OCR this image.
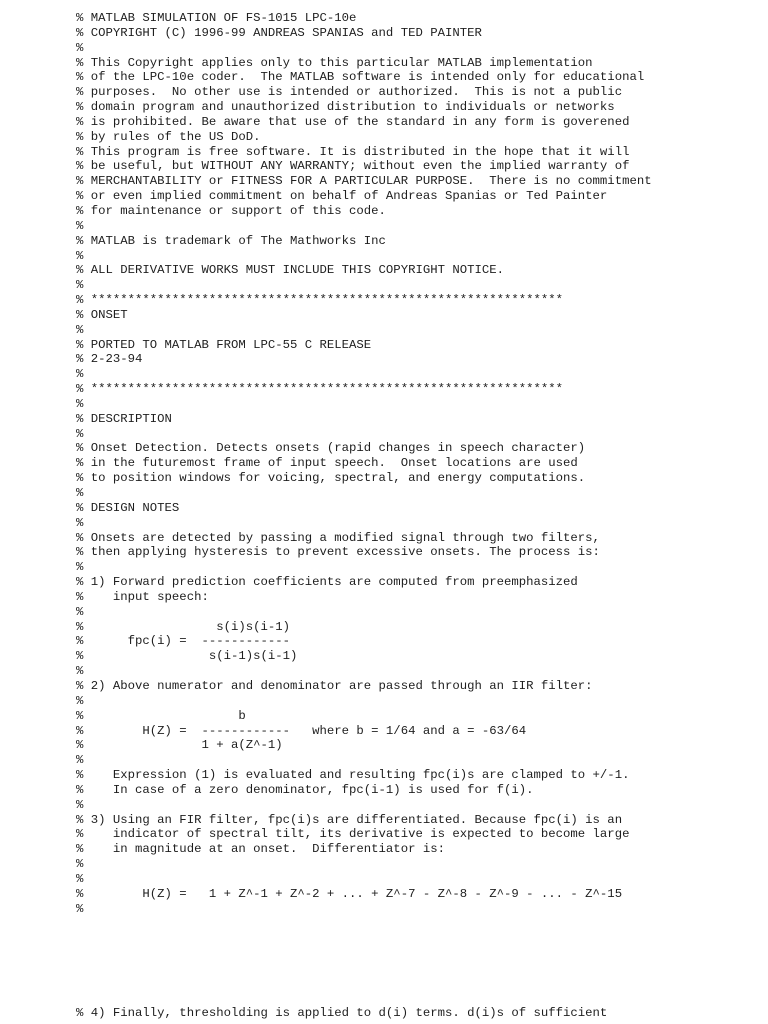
% MATLAB SIMULATION OF FS-1015 LPC-10e
% COPYRIGHT (C) 1996-99 ANDREAS SPANIAS and TED PAINTER
%
% This Copyright applies only to this particular MATLAB implementation
% of the LPC-10e coder.  The MATLAB software is intended only for educational
% purposes.  No other use is intended or authorized.  This is not a public
% domain program and unauthorized distribution to individuals or networks
% is prohibited. Be aware that use of the standard in any form is goverened
% by rules of the US DoD.
% This program is free software. It is distributed in the hope that it will
% be useful, but WITHOUT ANY WARRANTY; without even the implied warranty of
% MERCHANTABILITY or FITNESS FOR A PARTICULAR PURPOSE.  There is no commitment
% or even implied commitment on behalf of Andreas Spanias or Ted Painter
% for maintenance or support of this code.
%
% MATLAB is trademark of The Mathworks Inc
%
% ALL DERIVATIVE WORKS MUST INCLUDE THIS COPYRIGHT NOTICE.
%
% ****************************************************************
% ONSET
%
% PORTED TO MATLAB FROM LPC-55 C RELEASE
% 2-23-94
%
% ****************************************************************
%
% DESCRIPTION
%
% Onset Detection. Detects onsets (rapid changes in speech character)
% in the futuremost frame of input speech.  Onset locations are used
% to position windows for voicing, spectral, and energy computations.
%
% DESIGN NOTES
%
% Onsets are detected by passing a modified signal through two filters,
% then applying hysteresis to prevent excessive onsets. The process is:
%
% 1) Forward prediction coefficients are computed from preemphasized
%    input speech:
%
%                  s(i)s(i-1)
%      fpc(i) =  ------------
%                 s(i-1)s(i-1)
%
% 2) Above numerator and denominator are passed through an IIR filter:
%
%                     b
%        H(Z) =  ------------   where b = 1/64 and a = -63/64
%                1 + a(Z^-1)
%
%    Expression (1) is evaluated and resulting fpc(i)s are clamped to +/-1.
%    In case of a zero denominator, fpc(i-1) is used for f(i).
%
% 3) Using an FIR filter, fpc(i)s are differentiated. Because fpc(i) is an
%    indicator of spectral tilt, its derivative is expected to become large
%    in magnitude at an onset.  Differentiator is:
%
%
%        H(Z) =   1 + Z^-1 + Z^-2 + ... + Z^-7 - Z^-8 - Z^-9 - ... - Z^-15
%
% 4) Finally, thresholding is applied to d(i) terms. d(i)s of sufficient
